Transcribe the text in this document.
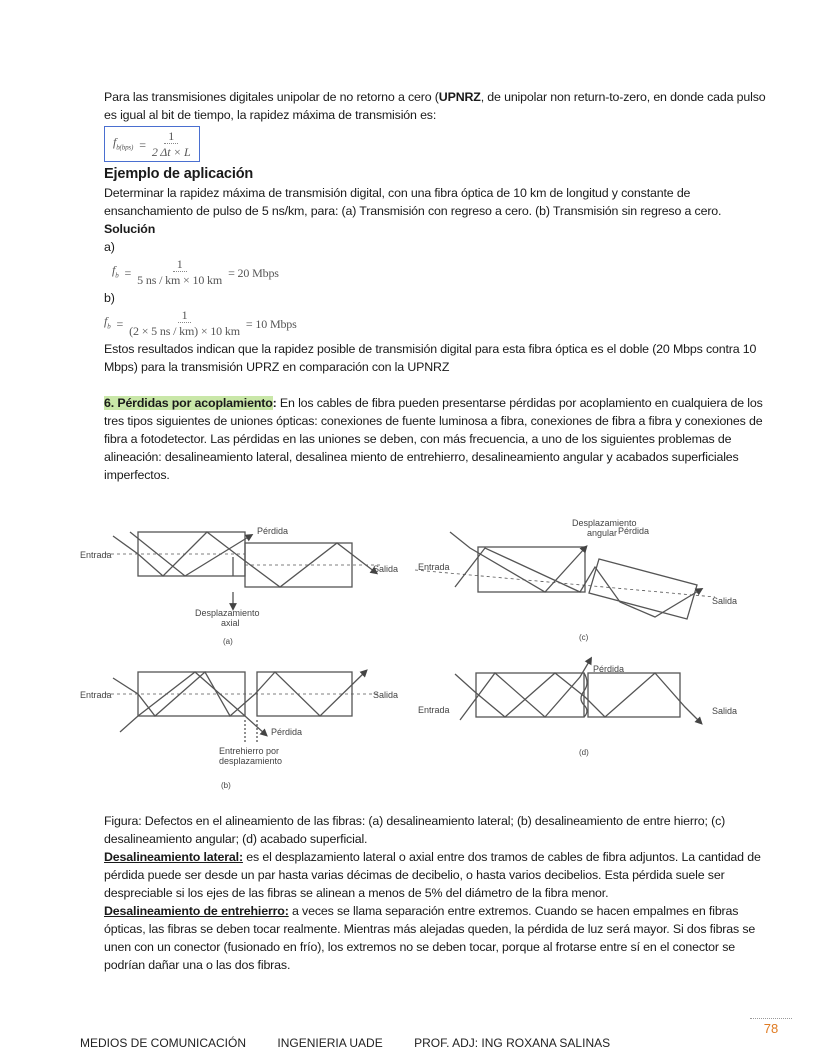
Para las transmisiones digitales unipolar de no retorno a cero (UPNRZ, de unipolar non return-to-zero, en donde cada pulso es igual al bit de tiempo, la rapidez máxima de transmisión es:

$f_{b(bps)} = \frac{1}{2 \Delta t \times L}$

Ejemplo de aplicación

Determinar la rapidez máxima de transmisión digital, con una fibra óptica de 10 km de longitud y constante de ensanchamiento de pulso de 5 ns/km, para: (a) Transmisión con regreso a cero. (b) Transmisión sin regreso a cero.

Solución

a)

$f_b = \frac{1}{5 ns / km \times 10 km} = 20$ Mbps

b)

$f_b = \frac{1}{(2 \times 5 ns / km) \times 10 km} = 10$ Mbps

Estos resultados indican que la rapidez posible de transmisión digital para esta fibra óptica es el doble (20 Mbps contra 10 Mbps) para la transmisión UPRZ en comparación con la UPNRZ

6. Pérdidas por acoplamiento: En los cables de fibra pueden presentarse pérdidas por acoplamiento en cualquiera de los tres tipos siguientes de uniones ópticas: conexiones de fuente luminosa a fibra, conexiones de fibra a fibra y conexiones de fibra a fotodetector. Las pérdidas en las uniones se deben, con más frecuencia, a uno de los siguientes problemas de alineación: desalineamiento lateral, desalinea miento de entrehierro, desalineamiento angular y acabados superficiales imperfectos.

Entrada
Pérdida
Salida
Desplazamiento
axial
(a)
Entrada
Desplazamiento
angular Pérdida
Salida
(c)
Entrada	Salida
Pérdida
Entrehierro por
desplazamiento
(b)
Entrada
Pérdida
Salida
(d)

Figura: Defectos en el alineamiento de las fibras: (a) desalineamiento lateral; (b) desalineamiento de entre hierro; (c) desalineamiento angular; (d) acabado superficial.

Desalineamiento lateral: es el desplazamiento lateral o axial entre dos tramos de cables de fibra adjuntos. La cantidad de pérdida puede ser desde un par hasta varias décimas de decibelio, o hasta varios decibelios. Esta pérdida suele ser despreciable si los ejes de las fibras se alinean a menos de 5% del diámetro de la fibra menor.

Desalineamiento de entrehierro: a veces se llama separación entre extremos. Cuando se hacen empalmes en fibras ópticas, las fibras se deben tocar realmente. Mientras más alejadas queden, la pérdida de luz será mayor. Si dos fibras se unen con un conector (fusionado en frío), los extremos no se deben tocar, porque al frotarse entre sí en el conector se podrían dañar una o las dos fibras.

78
MEDIOS DE COMUNICACIÓN	INGENIERIA UADE	PROF. ADJ: ING ROXANA SALINAS
